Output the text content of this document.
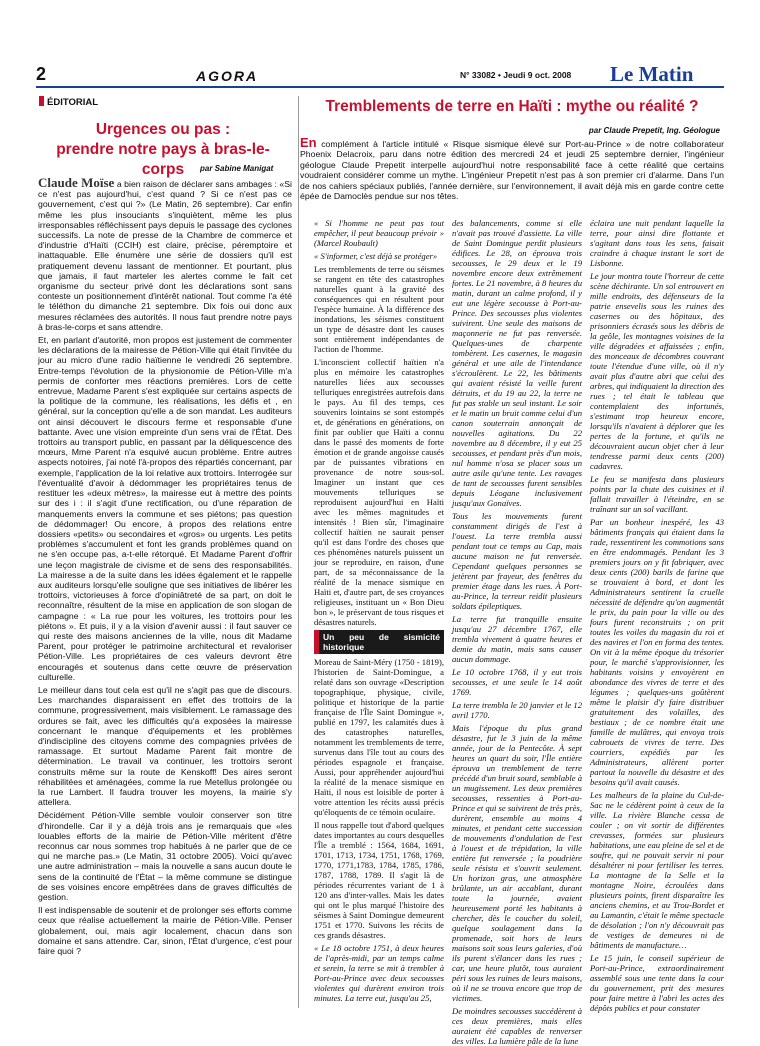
2	AGORA	N° 33082 • Jeudi 9 oct. 2008 Le Matin
ÉDITORIAL
Urgences ou pas :
prendre notre pays à bras-le-corps	par Sabine Manigat

Claude Moïse a bien raison de déclarer sans ambages : «Si ce n'est pas aujourd'hui, c'est quand ? Si ce n'est pas ce gouvernement, c'est qui ?» (Le Matin, 26 septembre). Car enfin même les plus insouciants s'inquiètent, même les plus irresponsables réfléchissent pays depuis le passage des cyclones successifs. La note de presse de la Chambre de commerce et d'industrie d'Haïti (CCIH) est claire, précise, péremptoire et inattaquable. Elle énumère une série de dossiers qu'il est pratiquement devenu lassant de mentionner. Et pourtant, plus que jamais, il faut marteler les alertes comme le fait cet organisme du secteur privé dont les déclarations sont sans conteste un positionnement d'intérêt national. Tout comme l'a été le téléthon du dimanche 21 septembre. Dix fois oui donc aux mesures réclamées des autorités. Il nous faut prendre notre pays à bras-le-corps et sans attendre.

Et, en parlant d'autorité, mon propos est justement de commenter les déclarations de la mairesse de Pétion-Ville qui était l'invitée du jour au micro d'une radio haïtienne le vendredi 26 septembre. Entre-temps l'évolution de la physionomie de Pétion-Ville m'a permis de conforter mes réactions premières. Lors de cette entrevue, Madame Parent s'est expliquée sur certains aspects de la politique de la commune, les réalisations, les défis et , en général, sur la conception qu'elle a de son mandat. Les auditeurs ont ainsi découvert le discours ferme et responsable d'une battante. Avec une vision empreinte d'un sens vrai de l'État. Des trottoirs au transport public, en passant par la déliquescence des mœurs, Mme Parent n'a esquivé aucun problème. Entre autres aspects notoires, j'ai noté l'à-propos des répartiés concernant, par exemple, l'application de la loi relative aux trottoirs. Interrogée sur l'éventualité d'avoir à dédommager les propriétaires tenus de restituer les «deux mètres», la mairesse eut à mettre des points sur des i : il s'agit d'une rectification, ou d'une réparation de manquements envers la commune et ses piétons; pas question de dédommager! Ou encore, à propos des relations entre dossiers «petits» ou secondaires et «gros» ou urgents. Les petits problèmes s'accumulent et font les grands problèmes quand on ne s'en occupe pas, a-t-elle rétorqué. Et Madame Parent d'offrir une leçon magistrale de civisme et de sens des responsabilités. La mairesse a de la suite dans les idées également et le rappelle aux auditeurs lorsqu'elle souligne que ses initiatives de libérer les trottoirs, victorieuses à force d'opiniâtreté de sa part, on doit le reconnaître, résultent de la mise en application de son slogan de campagne : « La rue pour les voitures, les trottoirs pour les piétons ». Et puis, il y a la vision d'avenir aussi : il faut sauver ce qui reste des maisons anciennes de la ville, nous dit Madame Parent, pour protéger le patrimoine architectural et revaloriser Pétion-Ville. Les propriétaires de ces valeurs devront être encouragés et soutenus dans cette œuvre de préservation culturelle.

Le meilleur dans tout cela est qu'il ne s'agit pas que de discours. Les marchandes disparaissent en effet des trottoirs de la commune, progressivement, mais visiblement. Le ramassage des ordures se fait, avec les difficultés qu'a exposées la mairesse concernant le manque d'équipements et les problèmes d'indiscipline des citoyens comme des compagnies privées de ramassage. Et surtout Madame Parent fait montre de détermination. Le travail va continuer, les trottoirs seront construits même sur la route de Kenskoff! Des aires seront réhabilitées et aménagées, comme la rue Metellus prolongée ou la rue Lambert. Il faudra trouver les moyens, la mairie s'y attellera.

Décidément Pétion-Ville semble vouloir conserver son titre d'hirondelle. Car il y a déjà trois ans je remarquais que «les louables efforts de la mairie de Pétion-Ville méritent d'être reconnus car nous sommes trop habitués à ne parler que de ce qui ne marche pas.» (Le Matin, 31 octobre 2005). Voici qu'avec une autre administration – mais la nouvelle a sans aucun doute le sens de la continuité de l'État – la même commune se distingue de ses voisines encore empêtrées dans de graves difficultés de gestion.

Il est indispensable de soutenir et de prolonger ses efforts comme ceux que réalise actuellement la mairie de Pétion-Ville. Penser globalement, oui, mais agir localement, chacun dans son domaine et sans attendre. Car, sinon, l'État d'urgence, c'est pour faire quoi ?

Tremblements de terre en Haïti : mythe ou réalité ?
par Claude Prepetit, Ing. Géologue
En complément à l'article intitulé « Risque sismique élevé sur Port-au-Prince » de notre collaborateur Phoenix Delacroix, paru dans notre édition des mercredi 24 et jeudi 25 septembre dernier, l'ingénieur géologue Claude Prepetit interpelle aujourd'hui notre responsabilité face à cette réalité que certains voudraient considérer comme un mythe. L'ingénieur Prepetit n'est pas à son premier cri d'alarme. Dans l'un de nos cahiers spéciaux publiés, l'année dernière, sur l'environnement, il avait déjà mis en garde contre cette épée de Damoclès pendue sur nos têtes.

« Si l'homme ne peut pas tout empêcher, il peut beaucoup prévoir » (Marcel Roubault)

« S'informer, c'est déjà se protéger»

Les tremblements de terre ou séismes se rangent en tête des catastrophes naturelles quant à la gravité des conséquences qui en résultent pour l'espèce humaine. À la différence des inondations, les séismes constituent un type de désastre dont les causes sont entièrement indépendantes de l'action de l'homme.

L'inconscient collectif haïtien n'a plus en mémoire les catastrophes naturelles liées aux secousses telluriques enregistrées autrefois dans le pays. Au fil des temps, ces souvenirs lointains se sont estompés et, de générations en générations, on finit par oublier que Haïti a connu dans le passé des moments de forte émotion et de grande angoisse causés par de puissantes vibrations en provenance de notre sous-sol. Imaginer un instant que ces mouvements telluriques se reproduisent aujourd'hui en Haïti avec les mêmes magnitudes et intensités ! Bien sûr, l'imaginaire collectif haïtien ne saurait penser qu'il est dans l'ordre des choses que ces phénomènes naturels puissent un jour se reproduire, en raison, d'une part, de sa méconnaissance de la réalité de la menace sismique en Haïti et, d'autre part, de ses croyances religieuses, instituant un « Bon Dieu bon », le préservant de tous risques et désastres naturels.

Un peu de sismicité historique

Moreau de Saint-Méry (1750 - 1819), l'historien de Saint-Domingue, a relaté dans son ouvrage «Description topographique, physique, civile, politique et historique de la partie française de l'Île Saint Domingue », publié en 1797, les calamités dues à des catastrophes naturelles, notamment les tremblements de terre, survenus dans l'île tout au cours des périodes espagnole et française. Aussi, pour appréhender aujourd'hui la réalité de la menace sismique en Haïti, il nous est loisible de porter à votre attention les récits aussi précis qu'éloquents de ce témoin oculaire.

Il nous rappelle tout d'abord quelques dates importantes au cours desquelles l'Île a tremblé : 1564, 1684, 1691, 1701, 1713, 1734, 1751, 1768, 1769, 1770, 1771,1783, 1784, 1785, 1786, 1787, 1788, 1789. Il s'agit là de périodes récurrentes variant de 1 à 120 ans d'inter-valles. Mais les dates qui ont le plus marqué l'histoire des séismes à Saint Domingue demeurent 1751 et 1770. Suivons les récits de ces grands désastres.

« Le 18 octobre 1751, à deux heures de l'après-midi, par un temps calme et serein, la terre se mit à trembler à Port-au-Prince avec deux secousses violentes qui durèrent environ trois minutes. La terre eut, jusqu'au 25,

des balancements, comme si elle n'avait pas trouvé d'assiette. La ville de Saint Domingue perdit plusieurs édifices. Le 28, on éprouva trois secousses, le 29 deux et le 19 novembre encore deux extrêmement fortes. Le 21 novembre, à 8 heures du matin, durant un calme profond, il y eut une légère secousse à Port-au-Prince. Des secousses plus violentes suivirent. Une seule des maisons de maçonnerie ne fut pas renversée. Quelques-unes de charpente tombèrent. Les casernes, le magasin général et une aile de l'intendance s'écroulèrent. Le 22, les bâtiments qui avaient résisté la veille furent détruits, et du 19 au 22, la terre ne fut pas stable un seul instant. Le soir et le matin un bruit comme celui d'un canon souterrain annonçait de nouvelles agitations. Du 22 novembre au 8 décembre, il y eut 25 secousses, et pendant près d'un mois, nul homme n'osa se placer sous un autre asile qu'une tente. Les ravages de tant de secousses furent sensibles depuis Léogane inclusivement jusqu'aux Gonaïves.

Tous les mouvements furent constamment dirigés de l'est à l'ouest. La terre trembla aussi pendant tout ce temps au Cap, mais aucune maison ne fut renversée. Cependant quelques personnes se jetèrent par frayeur, des fenêtres du premier étage dans les rues. À Port-au-Prince, la terreur reidit plusieurs soldats épileptiques.

La terre fut tranquille ensuite jusqu'au 27 décembre 1767, elle trembla vivement à quatre heures et demie du matin, mais sans causer aucun dommage.

Le 10 octobre 1768, il y eut trois secousses, et une seule le 14 août 1769.

La terre trembla le 20 janvier et le 12 avril 1770.

Mais l'époque du plus grand désastre, fut le 3 juin de la même année, jour de la Pentecôte. À sept heures un quart du soir, l'Île entière éprouva un tremblement de terre précédé d'un bruit sourd, semblable à un mugissement. Les deux premières secousses, ressenties à Port-au-Prince et qui se suivirent de très près, durèrent, ensemble au moins 4 minutes, et pendant cette succession de mouvements d'ondulation de l'est à l'ouest et de trépidation, la ville entière fut renversée ; la poudrière seule résista et s'ouvrit seulement. Un horizon gras, une atmosphère brûlante, un air accablant, durant toute la journée, avaient heureusement porté les habitants à chercher, dès le coucher du soleil, quelque soulagement dans la promenade, soit hors de leurs maisons soit sous leurs galeries, d'où ils purent s'élancer dans les rues ; car, une heure plutôt, tous auraient péri sous les ruines de leurs maisons, où il ne se trouva encore que trop de victimes.

De moindres secousses succédèrent à ces deux premières, mais elles auraient été capables de renverser des villes. La lumière pâle de la lune

éclaira une nuit pendant laquelle la terre, pour ainsi dire flottante et s'agitant dans tous les sens, faisait craindre à chaque instant le sort de Lisbonne.

Le jour montra toute l'horreur de cette scène déchirante. Un sol entrouvert en mille endroits, des défenseurs de la patrie ensevelis sous les ruines des casernes ou des hôpitaux, des prisonniers écrasés sous les débris de la geôle, les montagnes voisines de la ville dégradées et affaissées ; enfin, des monceaux de décombres couvrant toute l'étendue d'une ville, où il n'y avait plus d'autre abri que celui des arbres, qui indiquaient la direction des rues ; tel était le tableau que contemplaient des infortunés, s'estimant trop heureux encore, lorsqu'ils n'avaient à déplorer que les pertes de la fortune, et qu'ils ne découvraient aucun objet cher à leur tendresse parmi deux cents (200) cadavres.

Le feu se manifesta dans plusieurs points par la chute des cuisines et il fallait travailler à l'éteindre, en se traînant sur un sol vacillant.

Par un bonheur inespéré, les 43 bâtiments français qui étaient dans la rade, ressentirent les commotions sans en être endommagés. Pendant les 3 premiers jours on y fit fabriquer, avec deux cents (200) barils de farine que se trouvaient à bord, et dont les Administrateurs sentirent la cruelle nécessité de défendre qu'on augmentât le prix, du pain pour la ville ou des fours furent reconstruits ; on prit toutes les voiles du magasin du roi et des navires et l'on en forma des tentes. On vit à la même époque du trésorier pour, le marché s'approvisionner, les habitants voisins y envoyèrent en abondance des vivres de terre et des légumes ; quelques-uns goûtèrent même le plaisir d'y faire distribuer gratuitement des volailles, des bestiaux ; de ce nombre était une famille de mulâtres, qui envoya trois cabrouets de vivres de terre. Des courriers, expédiés par les Administrateurs, allèrent porter partout la nouvelle du désastre et des besoins qu'il avait causés.

Les malheurs de la plaine du Cul-de-Sac ne le cédèrent point à ceux de la ville. La rivière Blanche cessa de couler ; on vit sortir de différentes crevasses, formées sur plusieurs habitations, une eau pleine de sel et de soufre, qui ne pouvait servir ni pour désaltérer ni pour fertiliser les terres. La montagne de la Selle et la montagne Noire, écroulées dans plusieurs points, firent disparaître les anciens chemins, et au Trou-Bordet et au Lamantin, c'était le même spectacle de désolation ; l'on n'y découvrait pas de vestiges de demeures ni de bâtiments de manufacture…

Le 15 juin, le conseil supérieur de Port-au-Prince, extraordinairement assemblé sous une tente dans la cour du gouvernement, prit des mesures pour faire mettre à l'abri les actes des dépôts publics et pour constater
